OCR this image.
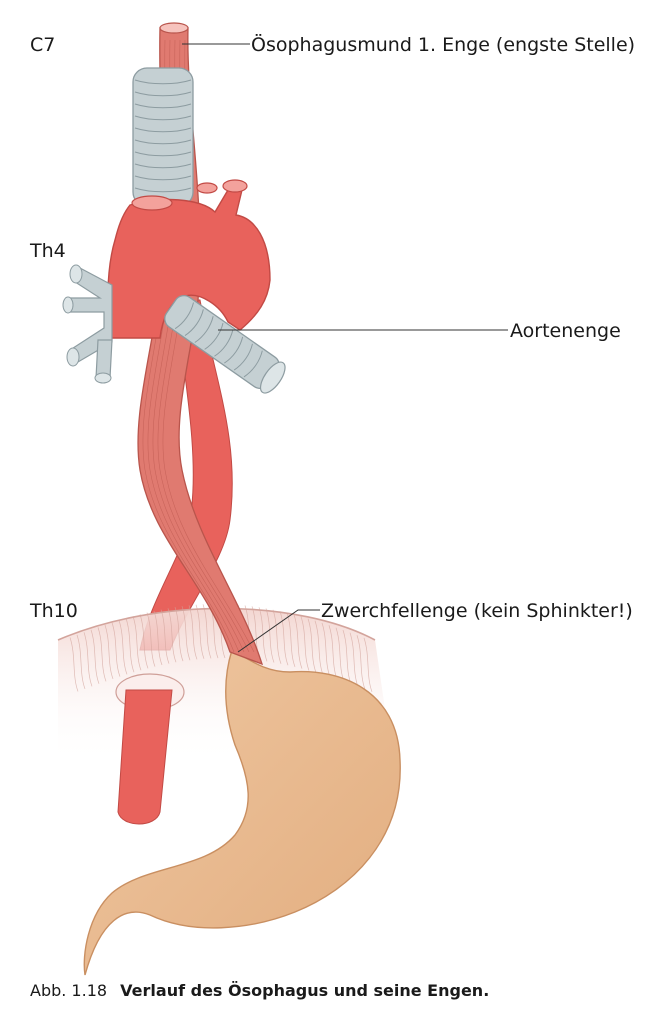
C7
Th4
Th10
Ösophagusmund 1. Enge (engste Stelle)
Aortenenge
Zwerchfellenge (kein Sphinkter!)
Abb. 1.18 Verlauf des Ösophagus und seine Engen.
